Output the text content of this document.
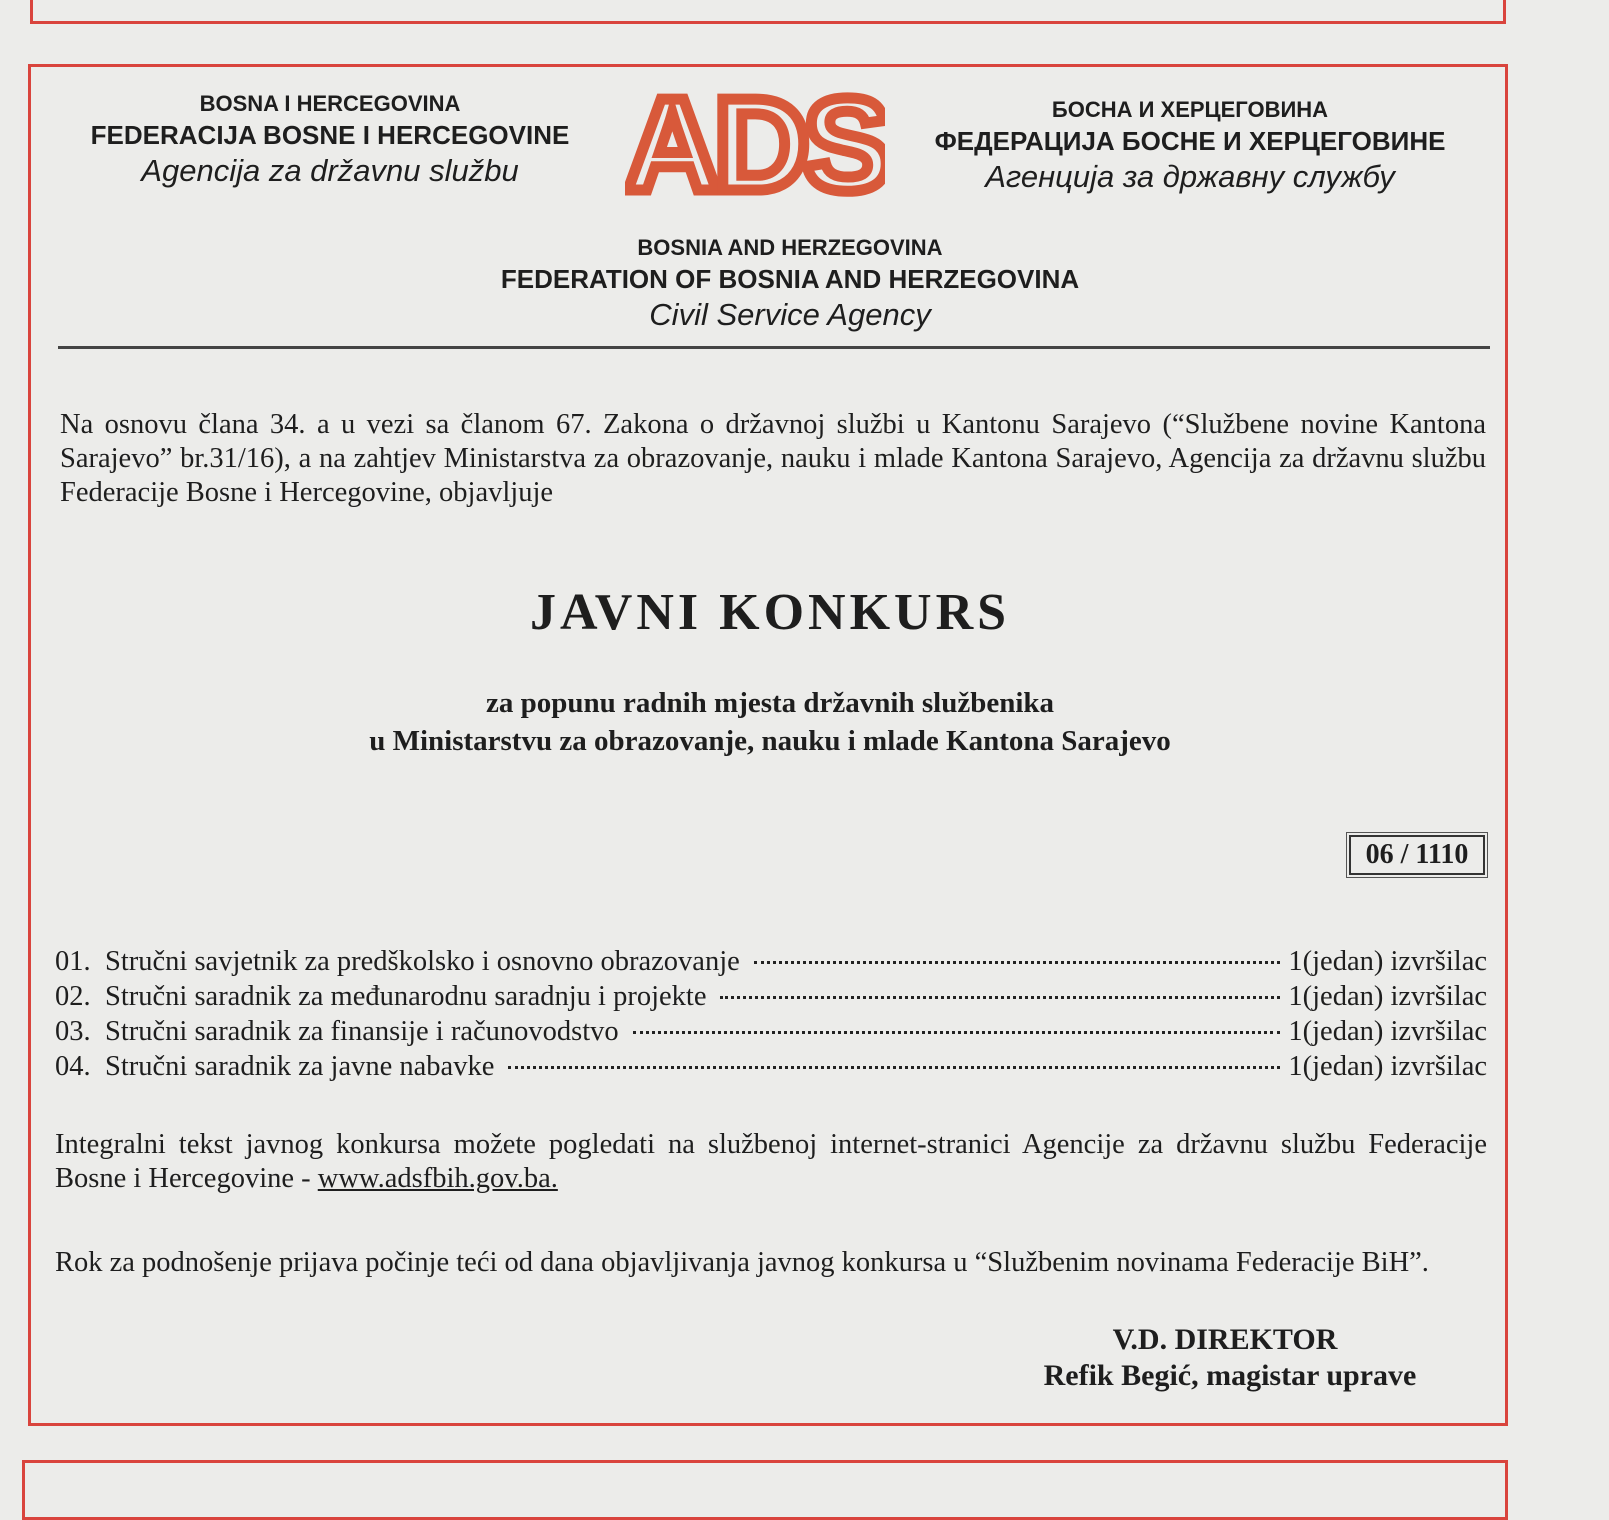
BOSNA I HERCEGOVINA
FEDERACIJA BOSNE I HERCEGOVINE
Agencija za državnu službu ADS	БОСНА И ХЕРЦЕГОВИНА
ФЕДЕРАЦИЈА БОСНЕ И ХЕРЦЕГОВИНЕ
Агенција за државну службу
BOSNIA AND HERZEGOVINA
FEDERATION OF BOSNIA AND HERZEGOVINA
Civil Service Agency
Na osnovu člana 34. a u vezi sa članom 67. Zakona o državnoj službi u Kantonu Sarajevo (“Službene novine Kantona Sarajevo” br.31/16), a na zahtjev Ministarstva za obrazovanje, nauku i mlade Kantona Sarajevo, Agencija za državnu službu Federacije Bosne i Hercegovine, objavljuje
JAVNI KONKURS
za popunu radnih mjesta državnih službenika
u Ministarstvu za obrazovanje, nauku i mlade Kantona Sarajevo
06 / 1110
01. Stručni savjetnik za predškolsko i osnovno obrazovanje	1(jedan) izvršilac
02. Stručni saradnik za međunarodnu saradnju i projekte	1(jedan) izvršilac
03. Stručni saradnik za finansije i računovodstvo	1(jedan) izvršilac
04. Stručni saradnik za javne nabavke	1(jedan) izvršilac
Integralni tekst javnog konkursa možete pogledati na službenoj internet-stranici Agencije za državnu službu Federacije Bosne i Hercegovine - www.adsfbih.gov.ba.
Rok za podnošenje prijava počinje teći od dana objavljivanja javnog konkursa u “Službenim novinama Federacije BiH”.
V.D. DIREKTOR
Refik Begić, magistar uprave
